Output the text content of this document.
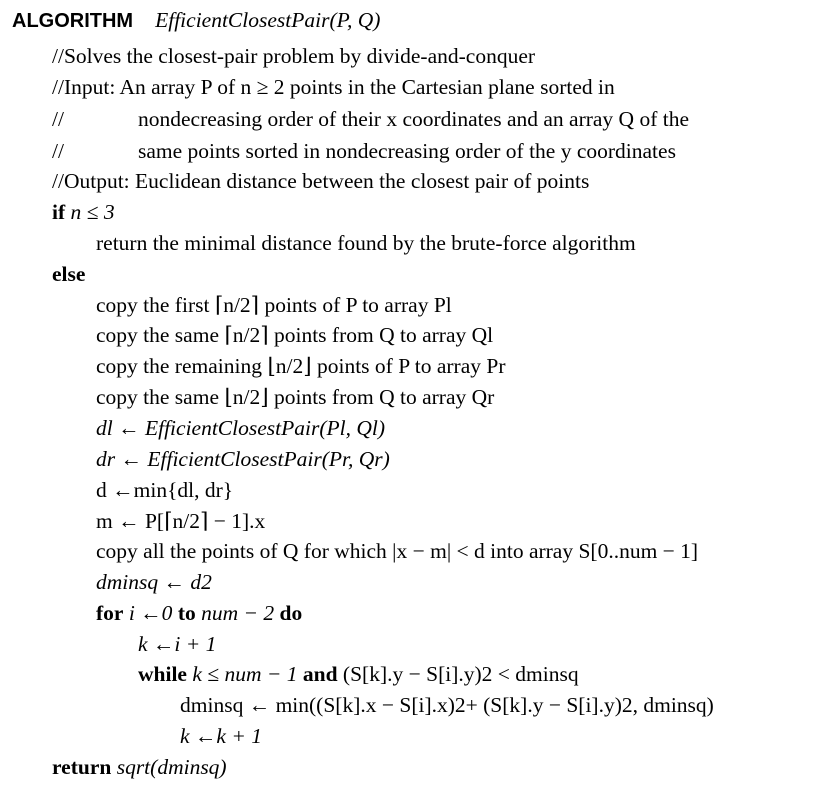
ALGORITHM EfficientClosestPair(P, Q)
//Solves the closest-pair problem by divide-and-conquer
//Input: An array P of n ≥ 2 points in the Cartesian plane sorted in
//	nondecreasing order of their x coordinates and an array Q of the
//	same points sorted in nondecreasing order of the y coordinates
//Output: Euclidean distance between the closest pair of points
if n ≤ 3
return the minimal distance found by the brute-force algorithm
else
copy the first ⌈n/2⌉ points of P to array Pl
copy the same ⌈n/2⌉ points from Q to array Ql
copy the remaining ⌊n/2⌋ points of P to array Pr
copy the same ⌊n/2⌋ points from Q to array Qr
dl ← EfficientClosestPair(Pl, Ql)
dr ← EfficientClosestPair(Pr, Qr)
d ←min{dl, dr}
m ← P[⌈n/2⌉ − 1].x
copy all the points of Q for which |x − m| < d into array S[0..num − 1]
dminsq ← d2
for i ←0 to num − 2 do
k ←i + 1
while k ≤ num − 1 and (S[k].y − S[i].y)2 < dminsq
dminsq ← min((S[k].x − S[i].x)2+ (S[k].y − S[i].y)2, dminsq)
k ←k + 1
return sqrt(dminsq)
